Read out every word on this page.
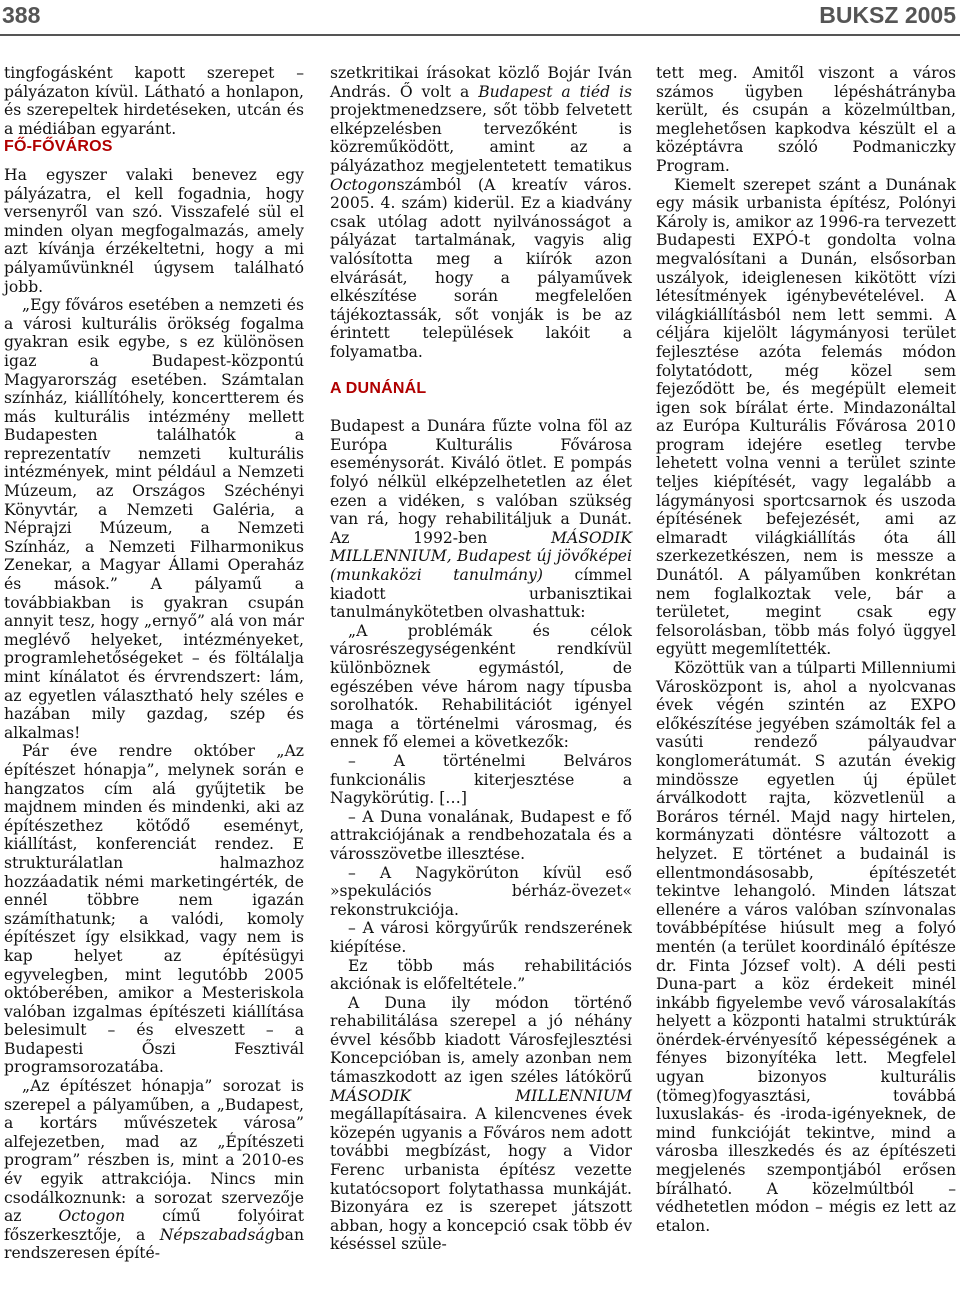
388	BUKSZ 2005

tingfogásként kapott szerepet – pályázaton kívül. Látható a honlapon, és szerepeltek hirdetéseken, utcán és a médiában egyaránt.

FŐ-FŐVÁROS

Ha egyszer valaki benevez egy pályázatra, el kell fogadnia, hogy versenyről van szó. Visszafelé sül el minden olyan megfogalmazás, amely azt kívánja érzékeltetni, hogy a mi pályaművünknél úgysem található jobb.

„Egy főváros esetében a nemzeti és a városi kulturális örökség fogalma gyakran esik egybe, s ez különösen igaz a Budapest-központú Magyarország esetében. Számtalan színház, kiállítóhely, koncertterem és más kulturális intézmény mellett Budapesten találhatók a reprezentatív nemzeti kulturális intézmények, mint például a Nemzeti Múzeum, az Országos Széchényi Könyvtár, a Nemzeti Galéria, a Néprajzi Múzeum, a Nemzeti Színház, a Nemzeti Filharmonikus Zenekar, a Magyar Állami Operaház és mások.” A pályamű a továbbiakban is gyakran csupán annyit tesz, hogy „ernyő” alá von már meglévő helyeket, intézményeket, programlehetőségeket – és föltálalja mint kínálatot és érvrendszert: lám, az egyetlen választható hely széles e hazában mily gazdag, szép és alkalmas!

Pár éve rendre október „Az építészet hónapja”, melynek során e hangzatos cím alá gyűjtetik be majdnem minden és mindenki, aki az építészethez kötődő eseményt, kiállítást, konferenciát rendez. E strukturálatlan halmazhoz hozzáadatik némi marketingérték, de ennél többre nem igazán számíthatunk; a valódi, komoly építészet így elsikkad, vagy nem is kap helyet az építésügyi egyvelegben, mint legutóbb 2005 októberében, amikor a Mesteriskola valóban izgalmas építészeti kiállítása belesimult – és elveszett – a Budapesti Őszi Fesztivál programsorozatába.

„Az építészet hónapja” sorozat is szerepel a pályaműben, a „Budapest, a kortárs művészetek városa” alfejezetben, mad az „Építészeti program” részben is, mint a 2010-es év egyik attrakciója. Nincs min csodálkoznunk: a sorozat szervezője az Octogon című folyóirat főszerkesztője, a Népszabadságban rendszeresen építé-

szetkritikai írásokat közlő Bojár Iván András. Ő volt a Budapest a tiéd is projektmenedzsere, sőt több felvetett elképzelésben tervezőként is közreműködött, amint az a pályázathoz megjelentetett tematikus Octogonszámból (A kreatív város. 2005. 4. szám) kiderül. Ez a kiadvány csak utólag adott nyilvánosságot a pályázat tartalmának, vagyis alig valósította meg a kiírók azon elvárását, hogy a pályaművek elkészítése során megfelelően tájékoztassák, sőt vonják is be az érintett települések lakóit a folyamatba.

A DUNÁNÁL

Budapest a Dunára fűzte volna föl az Európa Kulturális Fővárosa eseménysorát. Kiváló ötlet. E pompás folyó nélkül elképzelhetetlen az élet ezen a vidéken, s valóban szükség van rá, hogy rehabilitáljuk a Dunát. Az 1992-ben MÁSODIK MILLENNIUM, Budapest új jövőképei (munkaközi tanulmány) címmel kiadott urbanisztikai tanulmánykötetben olvashattuk:

„A problémák és célok városrészegységenként rendkívül különböznek egymástól, de egészében véve három nagy típusba sorolhatók. Rehabilitációt igényel maga a történelmi városmag, és ennek fő elemei a következők:

– A történelmi Belváros funkcionális kiterjesztése a Nagykörútig. […]

– A Duna vonalának, Budapest e fő attrakciójának a rendbehozatala és a városszövetbe illesztése.

– A Nagykörúton kívül eső »spekulációs bérház-övezet« rekonstrukciója.

– A városi körgyűrűk rendszerének kiépítése.

Ez több más rehabilitációs akciónak is előfeltétele.”

A Duna ily módon történő rehabilitálása szerepel a jó néhány évvel később kiadott Városfejlesztési Koncepcióban is, amely azonban nem támaszkodott az igen széles látókörű MÁSODIK MILLENNIUM megállapításaira. A kilencvenes évek közepén ugyanis a Főváros nem adott további megbízást, hogy a Vidor Ferenc urbanista építész vezette kutatócsoport folytathassa munkáját. Bizonyára ez is szerepet játszott abban, hogy a koncepció csak több év késéssel szüle-

tett meg. Amitől viszont a város számos ügyben lépéshátrányba került, és csupán a közelmúltban, meglehetősen kapkodva készült el a középtávra szóló Podmaniczky Program.

Kiemelt szerepet szánt a Dunának egy másik urbanista építész, Polónyi Károly is, amikor az 1996-ra tervezett Budapesti EXPÓ-t gondolta volna megvalósítani a Dunán, elsősorban uszályok, ideiglenesen kikötött vízi létesítmények igénybevételével. A világkiállításból nem lett semmi. A céljára kijelölt lágymányosi terület fejlesztése azóta felemás módon folytatódott, még közel sem fejeződött be, és megépült elemeit igen sok bírálat érte. Mindazonáltal az Európa Kulturális Fővárosa 2010 program idejére esetleg tervbe lehetett volna venni a terület szinte teljes kiépítését, vagy legalább a lágymányosi sportcsarnok és uszoda építésének befejezését, ami az elmaradt világkiállítás óta áll szerkezetkészen, nem is messze a Dunától. A pályaműben konkrétan nem foglalkoztak vele, bár a területet, megint csak egy felsorolásban, több más folyó üggyel együtt megemlítették.

Közöttük van a túlparti Millenniumi Városközpont is, ahol a nyolcvanas évek végén szintén az EXPO előkészítése jegyében számolták fel a vasúti rendező pályaudvar konglomerátumát. S azután évekig mindössze egyetlen új épület árválkodott rajta, közvetlenül a Boráros térnél. Majd nagy hirtelen, kormányzati döntésre változott a helyzet. E történet a budainál is ellentmondásosabb, építészetét tekintve lehangoló. Minden látszat ellenére a város valóban színvonalas továbbépítése hiúsult meg a folyó mentén (a terület koordináló építésze dr. Finta József volt). A déli pesti Duna-part a köz érdekeit minél inkább figyelembe vevő városalakítás helyett a központi hatalmi struktúrák önérdek-érvényesítő képességének a fényes bizonyítéka lett. Megfelel ugyan bizonyos kulturális (tömeg)fogyasztási, továbbá luxuslakás- és -iroda-igényeknek, de mind funkcióját tekintve, mind a városba illeszkedés és az építészeti megjelenés szempontjából erősen bírálható. A közelmúltból – védhetetlen módon – mégis ez lett az etalon.
